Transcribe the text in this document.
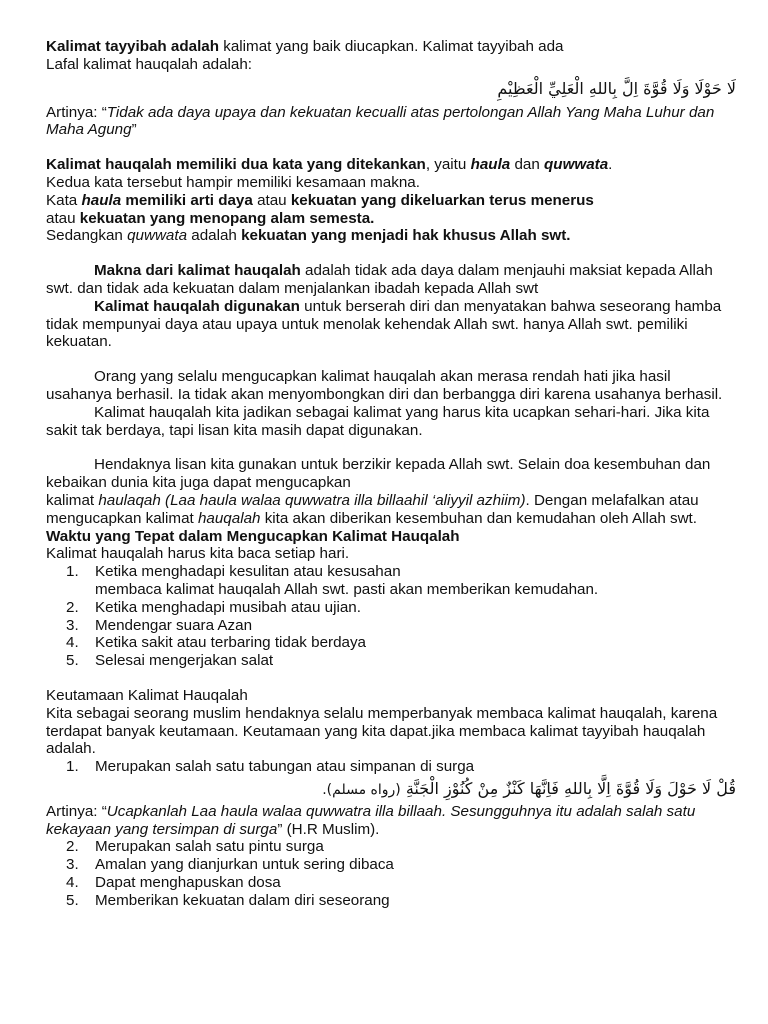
Kalimat tayyibah adalah kalimat yang baik diucapkan. Kalimat tayyibah ada

Lafal kalimat hauqalah adalah:

لَا حَوْلَا وَلَا قُوَّةَ اِلَّ بِاللهِ الْعَلِيِّ الْعَظِيْمِ

Artinya: “Tidak ada daya upaya dan kekuatan kecualli atas pertolongan Allah Yang Maha Luhur dan Maha Agung”

Kalimat hauqalah memiliki dua kata yang ditekankan, yaitu haula dan quwwata.

Kedua kata tersebut hampir memiliki kesamaan makna.

Kata haula memiliki arti daya atau kekuatan yang dikeluarkan terus menerus

atau kekuatan yang menopang alam semesta.

Sedangkan quwwata adalah kekuatan yang menjadi hak khusus Allah swt.

Makna dari kalimat hauqalah adalah tidak ada daya dalam menjauhi maksiat kepada Allah swt. dan tidak ada kekuatan dalam menjalankan ibadah kepada Allah swt

Kalimat hauqalah digunakan untuk berserah diri dan menyatakan bahwa seseorang hamba tidak mempunyai daya atau upaya untuk menolak kehendak Allah swt. hanya Allah swt. pemiliki kekuatan.

Orang yang selalu mengucapkan kalimat hauqalah akan merasa rendah hati jika hasil usahanya berhasil. Ia tidak akan menyombongkan diri dan berbangga diri karena usahanya berhasil.

Kalimat hauqalah kita jadikan sebagai kalimat yang harus kita ucapkan sehari-hari. Jika kita sakit tak berdaya, tapi lisan kita masih dapat digunakan.

Hendaknya lisan kita gunakan untuk berzikir kepada Allah swt. Selain doa kesembuhan dan kebaikan dunia kita juga dapat mengucapkan

kalimat haulaqah (Laa haula walaa quwwatra illa billaahil ‘aliyyil azhiim). Dengan melafalkan atau mengucapkan kalimat hauqalah kita akan diberikan kesembuhan dan kemudahan oleh Allah swt.

Waktu yang Tepat dalam Mengucapkan Kalimat Hauqalah

Kalimat hauqalah harus kita baca setiap hari.

1. Ketika menghadapi kesulitan atau kesusahan
membaca kalimat hauqalah Allah swt. pasti akan memberikan kemudahan.
2. Ketika menghadapi musibah atau ujian.
3. Mendengar suara Azan
4. Ketika sakit atau terbaring tidak berdaya
5. Selesai mengerjakan salat

Keutamaan Kalimat Hauqalah

Kita sebagai seorang muslim hendaknya selalu memperbanyak membaca kalimat hauqalah, karena terdapat banyak keutamaan. Keutamaan yang kita dapat.jika membaca kalimat tayyibah hauqalah adalah.

1. Merupakan salah satu tabungan atau simpanan di surga
قُلْ لَا حَوْلَ وَلَا قُوَّةَ اِلَّا بِاللهِ فَاِنَّهَا كَنْزٌ مِنْ كُنُوْزِ الْجَنَّةِ (رواه مسلم).

Artinya: “Ucapkanlah Laa haula walaa quwwatra illa billaah. Sesungguhnya itu adalah salah satu kekayaan yang tersimpan di surga” (H.R Muslim).

2. Merupakan salah satu pintu surga
3. Amalan yang dianjurkan untuk sering dibaca
4. Dapat menghapuskan dosa
5. Memberikan kekuatan dalam diri seseorang
